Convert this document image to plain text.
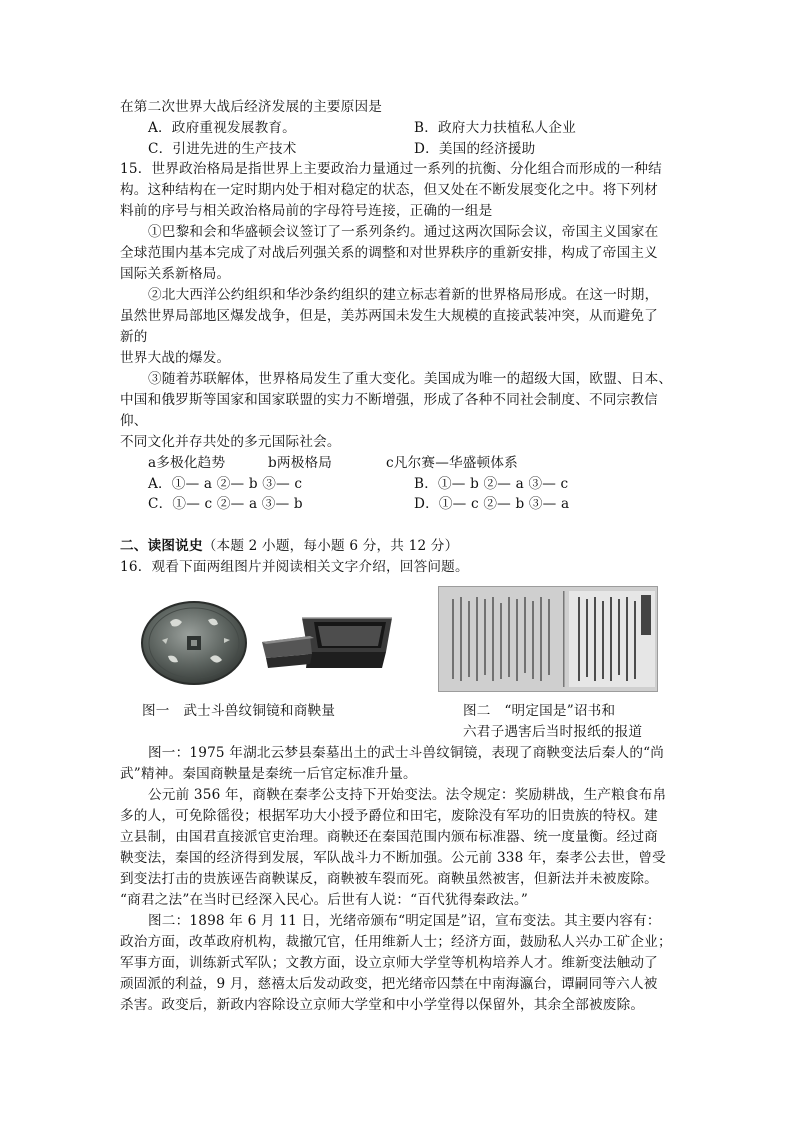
在第二次世界大战后经济发展的主要原因是
A．政府重视发展教育。	B．政府大力扶植私人企业
C．引进先进的生产技术	D．美国的经济援助
15．世界政治格局是指世界上主要政治力量通过一系列的抗衡、分化组合而形成的一种结
构。这种结构在一定时期内处于相对稳定的状态，但又处在不断发展变化之中。将下列材
料前的序号与相关政治格局前的字母符号连接，正确的一组是
①巴黎和会和华盛顿会议签订了一系列条约。通过这两次国际会议，帝国主义国家在
全球范围内基本完成了对战后列强关系的调整和对世界秩序的重新安排，构成了帝国主义
国际关系新格局。
②北大西洋公约组织和华沙条约组织的建立标志着新的世界格局形成。在这一时期，
虽然世界局部地区爆发战争，但是，美苏两国未发生大规模的直接武装冲突，从而避免了
新的
世界大战的爆发。
③随着苏联解体，世界格局发生了重大变化。美国成为唯一的超级大国，欧盟、日本、
中国和俄罗斯等国家和国家联盟的实力不断增强，形成了各种不同社会制度、不同宗教信
仰、
不同文化并存共处的多元国际社会。
a多极化趋势	b两极格局	c凡尔赛—华盛顿体系
A．①— a ②— b ③— c	B．①— b ②— a ③— c
C．①— c ②— a ③— b	D．①— c ②— b ③— a
二、读图说史（本题 2 小题，每小题 6 分，共 12 分）
16．观看下面两组图片并阅读相关文字介绍，回答问题。
图一　武士斗兽纹铜镜和商鞅量	图二　“明定国是”诏书和
六君子遇害后当时报纸的报道
图一：1975 年湖北云梦县秦墓出土的武士斗兽纹铜镜，表现了商鞅变法后秦人的“尚
武”精神。秦国商鞅量是秦统一后官定标准升量。
公元前 356 年，商鞅在秦孝公支持下开始变法。法令规定：奖励耕战，生产粮食布帛
多的人，可免除徭役；根据军功大小授予爵位和田宅，废除没有军功的旧贵族的特权。建
立县制，由国君直接派官吏治理。商鞅还在秦国范围内颁布标准器、统一度量衡。经过商
鞅变法，秦国的经济得到发展，军队战斗力不断加强。公元前 338 年，秦孝公去世，曾受
到变法打击的贵族诬告商鞅谋反，商鞅被车裂而死。商鞅虽然被害，但新法并未被废除。
“商君之法”在当时已经深入民心。后世有人说：“百代犹得秦政法。”
图二：1898 年 6 月 11 日，光绪帝颁布“明定国是”诏，宣布变法。其主要内容有：
政治方面，改革政府机构，裁撤冗官，任用维新人士；经济方面，鼓励私人兴办工矿企业；
军事方面，训练新式军队；文教方面，设立京师大学堂等机构培养人才。维新变法触动了
顽固派的利益，9 月，慈禧太后发动政变，把光绪帝囚禁在中南海瀛台，谭嗣同等六人被
杀害。政变后，新政内容除设立京师大学堂和中小学堂得以保留外，其余全部被废除。
